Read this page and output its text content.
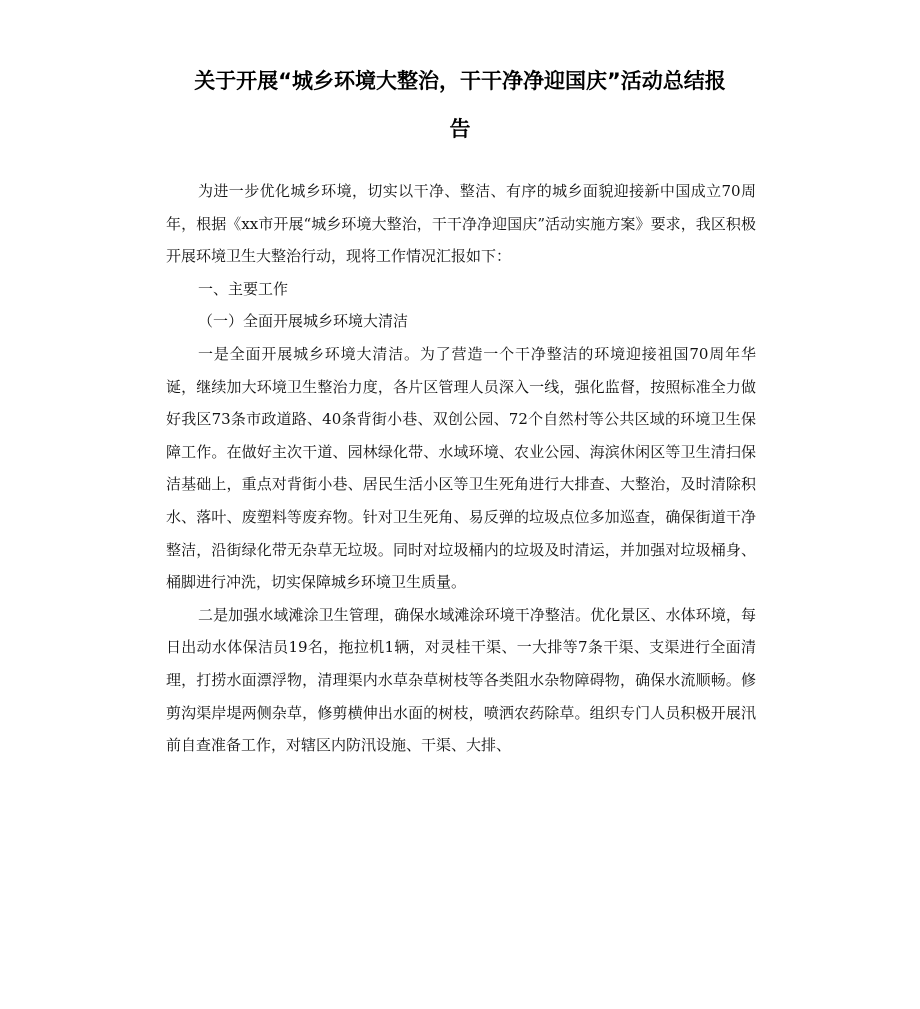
关于开展“城乡环境大整治，干干净净迎国庆”活动总结报
告

为进一步优化城乡环境，切实以干净、整洁、有序的城乡面貌迎接新中国成立70周年，根据《xx市开展“城乡环境大整治，干干净净迎国庆”活动实施方案》要求，我区积极开展环境卫生大整治行动，现将工作情况汇报如下：

一、主要工作

（一）全面开展城乡环境大清洁

一是全面开展城乡环境大清洁。为了营造一个干净整洁的环境迎接祖国70周年华诞，继续加大环境卫生整治力度，各片区管理人员深入一线，强化监督，按照标准全力做好我区73条市政道路、40条背街小巷、双创公园、72个自然村等公共区域的环境卫生保障工作。在做好主次干道、园林绿化带、水域环境、农业公园、海滨休闲区等卫生清扫保洁基础上，重点对背街小巷、居民生活小区等卫生死角进行大排查、大整治，及时清除积水、落叶、废塑料等废弃物。针对卫生死角、易反弹的垃圾点位多加巡查，确保街道干净整洁，沿街绿化带无杂草无垃圾。同时对垃圾桶内的垃圾及时清运，并加强对垃圾桶身、桶脚进行冲洗，切实保障城乡环境卫生质量。

二是加强水域滩涂卫生管理，确保水域滩涂环境干净整洁。优化景区、水体环境，每日出动水体保洁员19名，拖拉机1辆，对灵桂干渠、一大排等7条干渠、支渠进行全面清理，打捞水面漂浮物，清理渠内水草杂草树枝等各类阻水杂物障碍物，确保水流顺畅。修剪沟渠岸堤两侧杂草，修剪横伸出水面的树枝，喷洒农药除草。组织专门人员积极开展汛前自查准备工作，对辖区内防汛设施、干渠、大排、
